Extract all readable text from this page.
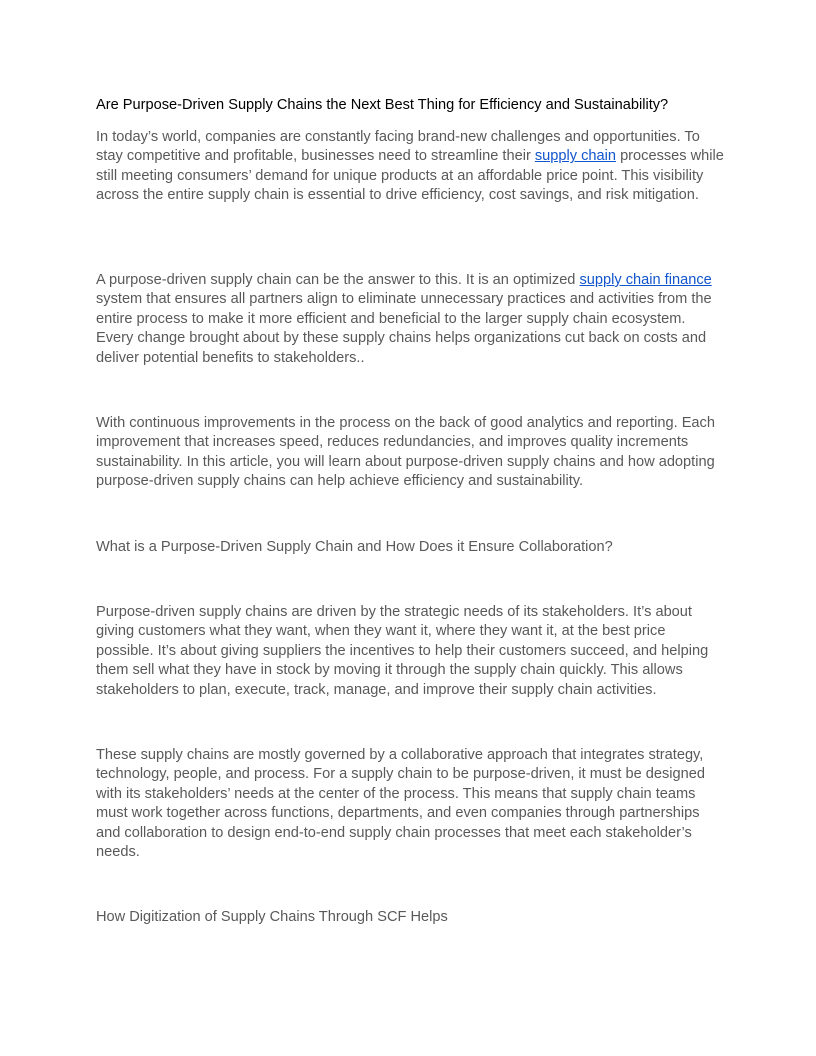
Are Purpose-Driven Supply Chains the Next Best Thing for Efficiency and Sustainability?

In today’s world, companies are constantly facing brand-new challenges and opportunities. To stay competitive and profitable, businesses need to streamline their supply chain processes while still meeting consumers’ demand for unique products at an affordable price point. This visibility across the entire supply chain is essential to drive efficiency, cost savings, and risk mitigation.

A purpose-driven supply chain can be the answer to this. It is an optimized supply chain finance system that ensures all partners align to eliminate unnecessary practices and activities from the entire process to make it more efficient and beneficial to the larger supply chain ecosystem. Every change brought about by these supply chains helps organizations cut back on costs and deliver potential benefits to stakeholders..

With continuous improvements in the process on the back of good analytics and reporting. Each improvement that increases speed, reduces redundancies, and improves quality increments sustainability. In this article, you will learn about purpose-driven supply chains and how adopting purpose-driven supply chains can help achieve efficiency and sustainability.

What is a Purpose-Driven Supply Chain and How Does it Ensure Collaboration?

Purpose-driven supply chains are driven by the strategic needs of its stakeholders. It’s about giving customers what they want, when they want it, where they want it, at the best price possible. It’s about giving suppliers the incentives to help their customers succeed, and helping them sell what they have in stock by moving it through the supply chain quickly. This allows stakeholders to plan, execute, track, manage, and improve their supply chain activities.

These supply chains are mostly governed by a collaborative approach that integrates strategy, technology, people, and process. For a supply chain to be purpose-driven, it must be designed with its stakeholders’ needs at the center of the process. This means that supply chain teams must work together across functions, departments, and even companies through partnerships and collaboration to design end-to-end supply chain processes that meet each stakeholder’s needs.

How Digitization of Supply Chains Through SCF Helps
